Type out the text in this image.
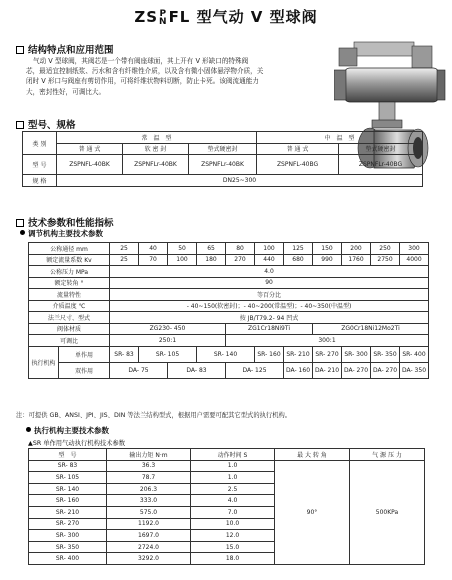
ZSP
NFL 型气动 V 型球阀
结构特点和应用范围
气动 V 型球阀，其阀芯是一个带有阀座球面，其上开有 V 形缺口的特殊阀
芯，最适宜控制纸浆、污水和含有纤维性介质，以及含有微小固体悬浮物介质，关
闭时 V 形口与阀座有剪切作用，可将纤维状物料切断，防止卡死。该阀流通能力
大，密封性好，可调比大。
型号、规格
类 别	常　温　型			中　温　型	
	普 通 式	软 密 封	垫式硬密封	普 通 式	垫式硬密封
型 号	ZSPNFL-40BK	ZSPNFLr-40BK	ZSPNFLr-40BK	ZSPNFL-40BG	ZSPNFLr-40BG
规 格	DN25~300				
技术参数和性能指标
调节机构主要技术参数
公称通径 mm		25	40	50	65	80	100	125	150	200	250	300
额定流量系数 Kv		25	70	100	180	270	440	680	990	1760	2750	4000
公称压力 MPa		4.0										
额定转角 °		90										
流量特性		等百分比										
介质温度 ℃		- 40~150(软密封)；- 40~200(常温型)；- 40~350(中温型)										
法兰尺寸、型式		按 JB/T79.2- 94 凹式										
阀体材质		ZG230- 450				ZG1Cr18Ni9Ti			ZG0Cr18Ni12Mo2Ti			
可调比		250:1				300:1						
执行机构	单作用	SR- 83	SR- 105		SR- 140		SR- 160	SR- 210	SR- 270	SR- 300	SR- 350	SR- 400
	双作用	DA- 75		DA- 83		DA- 125		DA- 160	DA- 210	DA- 270	DA- 270	DA- 350
注：可提供 GB、ANSI、JPI、JIS、DIN 等法兰结构型式，根据用户需要可配其它型式的执行机构。
执行机构主要技术参数
▲SR 单作用气动执行机构技术参数
型　号	输出力矩 N·m	动作时间 S	最 大 转 角	气 源 压 力
SR- 83	36.3	1.0	90°	500KPa
SR- 105	78.7	1.0		
SR- 140	206.3	2.5		
SR- 160	333.0	4.0		
SR- 210	575.0	7.0		
SR- 270	1192.0	10.0		
SR- 300	1697.0	12.0		
SR- 350	2724.0	15.0		
SR- 400	3292.0	18.0		
